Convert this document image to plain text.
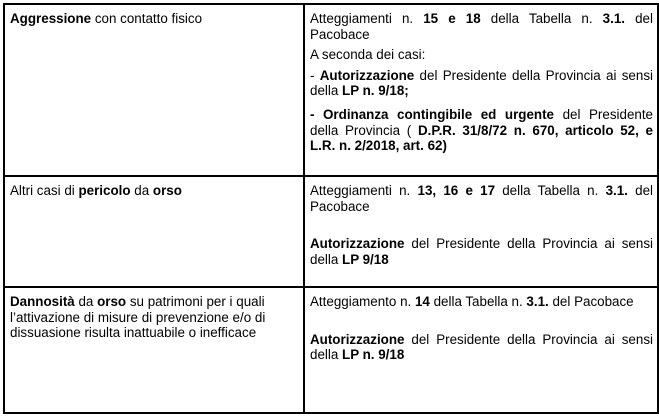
Aggressione con contatto fisico	Atteggiamenti n. 15 e 18 della Tabella n. 3.1. del Pacobace

A seconda dei casi:

- Autorizzazione del Presidente della Provincia ai sensi della LP n. 9/18;

- Ordinanza contingibile ed urgente del Presidente della Provincia ( D.P.R. 31/8/72 n. 670, articolo 52, e L.R. n. 2/2018, art. 62)

Altri casi di pericolo da orso	Atteggiamenti n. 13, 16 e 17 della Tabella n. 3.1. del Pacobace

Autorizzazione del Presidente della Provincia ai sensi della LP 9/18

Dannosità da orso su patrimoni per i quali l’attivazione di misure di prevenzione e/o di dissuasione risulta inattuabile o inefficace	Atteggiamento n. 14 della Tabella n. 3.1. del Pacobace

Autorizzazione del Presidente della Provincia ai sensi della LP n. 9/18
